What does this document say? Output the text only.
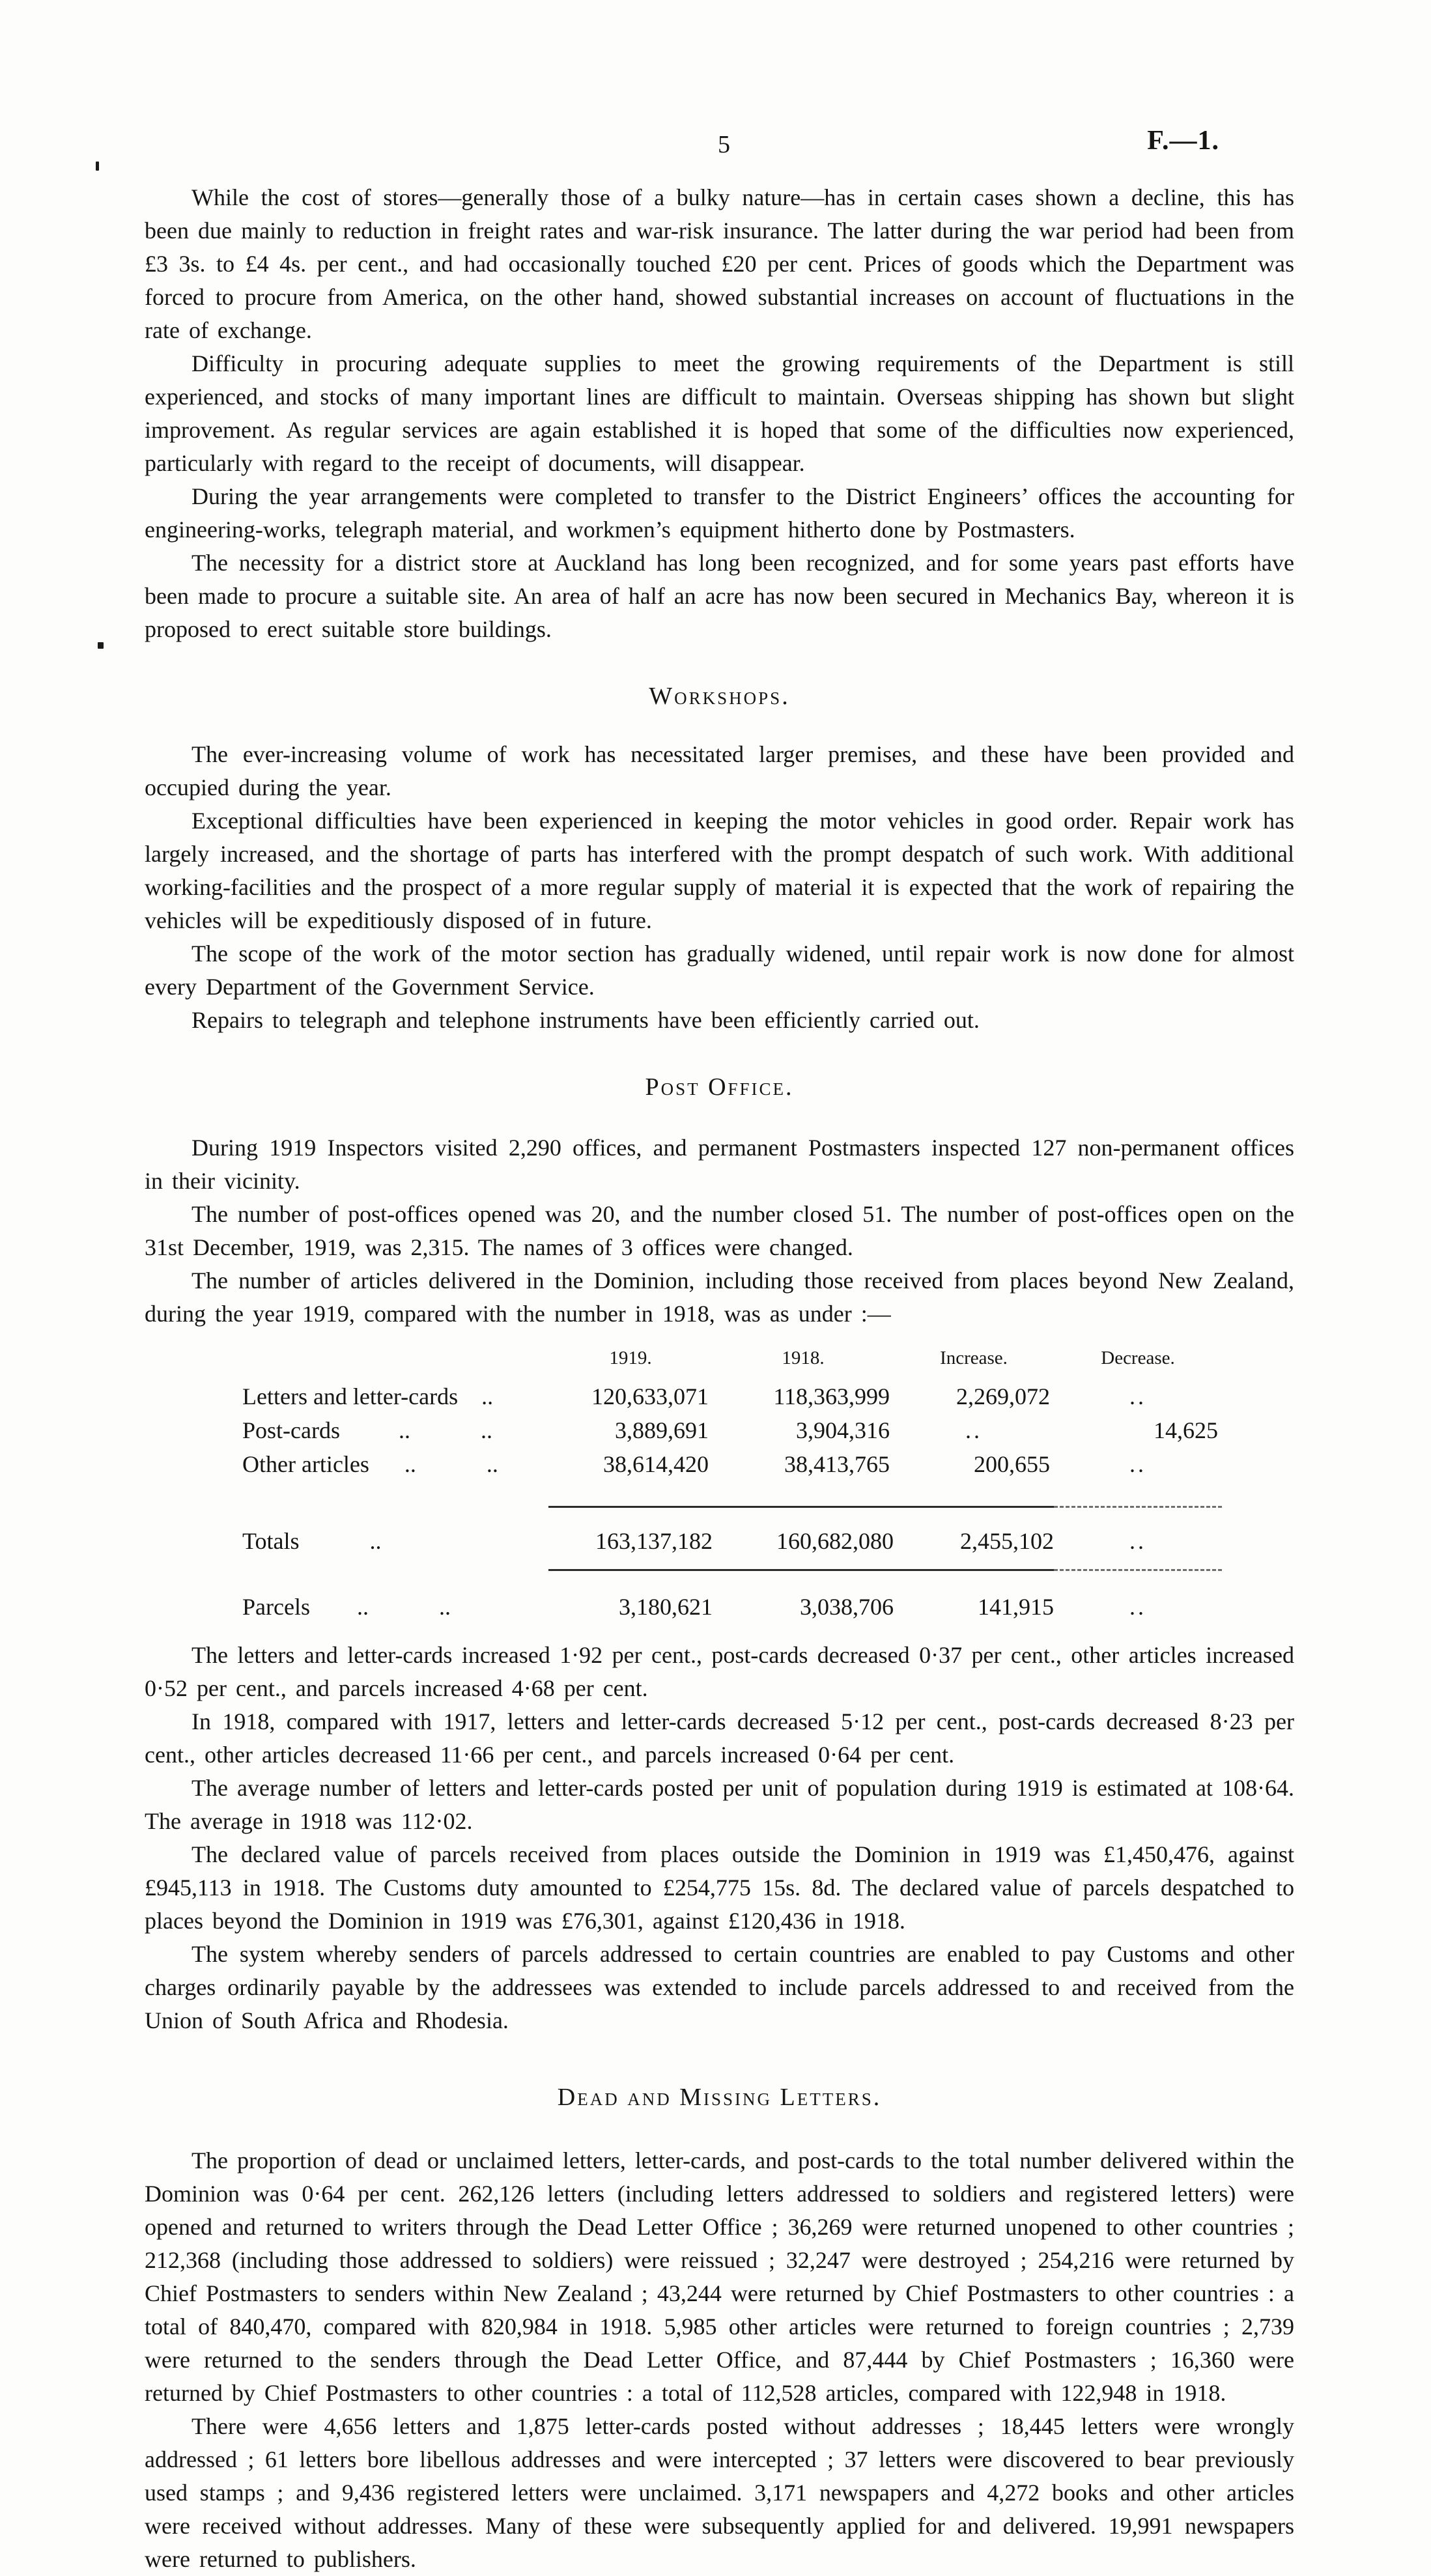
5	F.—1.

While the cost of stores—generally those of a bulky nature—has in certain cases shown a decline, this has been due mainly to reduction in freight rates and war-risk insurance. The latter during the war period had been from £3 3s. to £4 4s. per cent., and had occasionally touched £20 per cent. Prices of goods which the Department was forced to procure from America, on the other hand, showed substantial increases on account of fluctuations in the rate of exchange.

Difficulty in procuring adequate supplies to meet the growing requirements of the Department is still experienced, and stocks of many important lines are difficult to maintain. Overseas shipping has shown but slight improvement. As regular services are again established it is hoped that some of the difficulties now experienced, particularly with regard to the receipt of documents, will disappear.

During the year arrangements were completed to transfer to the District Engineers’ offices the accounting for engineering-works, telegraph material, and workmen’s equipment hitherto done by Postmasters.

The necessity for a district store at Auckland has long been recognized, and for some years past efforts have been made to procure a suitable site. An area of half an acre has now been secured in Mechanics Bay, whereon it is proposed to erect suitable store buildings.

Workshops.

The ever-increasing volume of work has necessitated larger premises, and these have been provided and occupied during the year.

Exceptional difficulties have been experienced in keeping the motor vehicles in good order. Repair work has largely increased, and the shortage of parts has interfered with the prompt despatch of such work. With additional working-facilities and the prospect of a more regular supply of material it is expected that the work of repairing the vehicles will be expeditiously disposed of in future.

The scope of the work of the motor section has gradually widened, until repair work is now done for almost every Department of the Government Service.

Repairs to telegraph and telephone instruments have been efficiently carried out.

Post Office.

During 1919 Inspectors visited 2,290 offices, and permanent Postmasters inspected 127 non-permanent offices in their vicinity.

The number of post-offices opened was 20, and the number closed 51. The number of post-offices open on the 31st December, 1919, was 2,315. The names of 3 offices were changed.

The number of articles delivered in the Dominion, including those received from places beyond New Zealand, during the year 1919, compared with the number in 1918, was as under :—

	1919.	1918.	Increase.	Decrease.
Letters and letter-cards  ..	120,633,071	118,363,999	2,269,072	..
Post-cards   ..   ..	3,889,691	3,904,316	..	14,625
Other articles  ..   ..	38,614,420	38,413,765	200,655	..

Totals   ..	163,137,182	160,682,080	2,455,102	..

Parcels  ..   ..	3,180,621	3,038,706	141,915	..

The letters and letter-cards increased 1·92 per cent., post-cards decreased 0·37 per cent., other articles increased 0·52 per cent., and parcels increased 4·68 per cent.

In 1918, compared with 1917, letters and letter-cards decreased 5·12 per cent., post-cards decreased 8·23 per cent., other articles decreased 11·66 per cent., and parcels increased 0·64 per cent.

The average number of letters and letter-cards posted per unit of population during 1919 is estimated at 108·64. The average in 1918 was 112·02.

The declared value of parcels received from places outside the Dominion in 1919 was £1,450,476, against £945,113 in 1918. The Customs duty amounted to £254,775 15s. 8d. The declared value of parcels despatched to places beyond the Dominion in 1919 was £76,301, against £120,436 in 1918.

The system whereby senders of parcels addressed to certain countries are enabled to pay Customs and other charges ordinarily payable by the addressees was extended to include parcels addressed to and received from the Union of South Africa and Rhodesia.

Dead and Missing Letters.

The proportion of dead or unclaimed letters, letter-cards, and post-cards to the total number delivered within the Dominion was 0·64 per cent. 262,126 letters (including letters addressed to soldiers and registered letters) were opened and returned to writers through the Dead Letter Office ; 36,269 were returned unopened to other countries ; 212,368 (including those addressed to soldiers) were reissued ; 32,247 were destroyed ; 254,216 were returned by Chief Postmasters to senders within New Zealand ; 43,244 were returned by Chief Postmasters to other countries : a total of 840,470, compared with 820,984 in 1918. 5,985 other articles were returned to foreign countries ; 2,739 were returned to the senders through the Dead Letter Office, and 87,444 by Chief Postmasters ; 16,360 were returned by Chief Postmasters to other countries : a total of 112,528 articles, compared with 122,948 in 1918.

There were 4,656 letters and 1,875 letter-cards posted without addresses ; 18,445 letters were wrongly addressed ; 61 letters bore libellous addresses and were intercepted ; 37 letters were discovered to bear previously used stamps ; and 9,436 registered letters were unclaimed. 3,171 newspapers and 4,272 books and other articles were received without addresses. Many of these were subsequently applied for and delivered. 19,991 newspapers were returned to publishers.
